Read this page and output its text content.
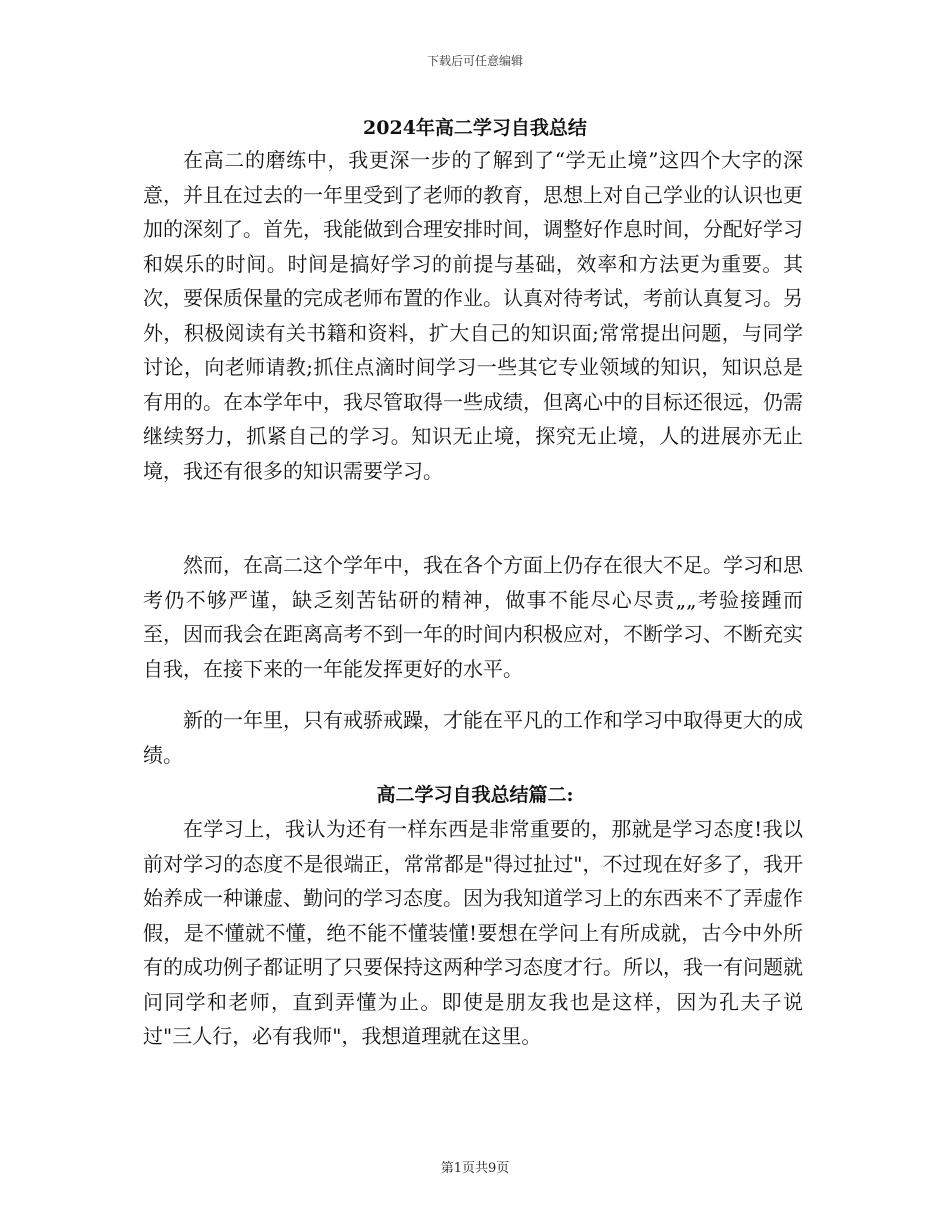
下载后可任意编辑
2024年高二学习自我总结

在高二的磨练中，我更深一步的了解到了“学无止境”这四个大字的深意，并且在过去的一年里受到了老师的教育，思想上对自己学业的认识也更加的深刻了。首先，我能做到合理安排时间，调整好作息时间，分配好学习和娱乐的时间。时间是搞好学习的前提与基础，效率和方法更为重要。其次，要保质保量的完成老师布置的作业。认真对待考试，考前认真复习。另外，积极阅读有关书籍和资料，扩大自己的知识面;常常提出问题，与同学讨论，向老师请教;抓住点滴时间学习一些其它专业领域的知识，知识总是有用的。在本学年中，我尽管取得一些成绩，但离心中的目标还很远，仍需继续努力，抓紧自己的学习。知识无止境，探究无止境，人的进展亦无止境，我还有很多的知识需要学习。

然而，在高二这个学年中，我在各个方面上仍存在很大不足。学习和思考仍不够严谨，缺乏刻苦钻研的精神，做事不能尽心尽责„„考验接踵而至，因而我会在距离高考不到一年的时间内积极应对，不断学习、不断充实自我，在接下来的一年能发挥更好的水平。

新的一年里，只有戒骄戒躁，才能在平凡的工作和学习中取得更大的成绩。

高二学习自我总结篇二:

在学习上，我认为还有一样东西是非常重要的，那就是学习态度!我以前对学习的态度不是很端正，常常都是"得过扯过"，不过现在好多了，我开始养成一种谦虚、勤问的学习态度。因为我知道学习上的东西来不了弄虚作假，是不懂就不懂，绝不能不懂装懂!要想在学问上有所成就，古今中外所有的成功例子都证明了只要保持这两种学习态度才行。所以，我一有问题就问同学和老师，直到弄懂为止。即使是朋友我也是这样，因为孔夫子说过"三人行，必有我师"，我想道理就在这里。

第1页共9页
